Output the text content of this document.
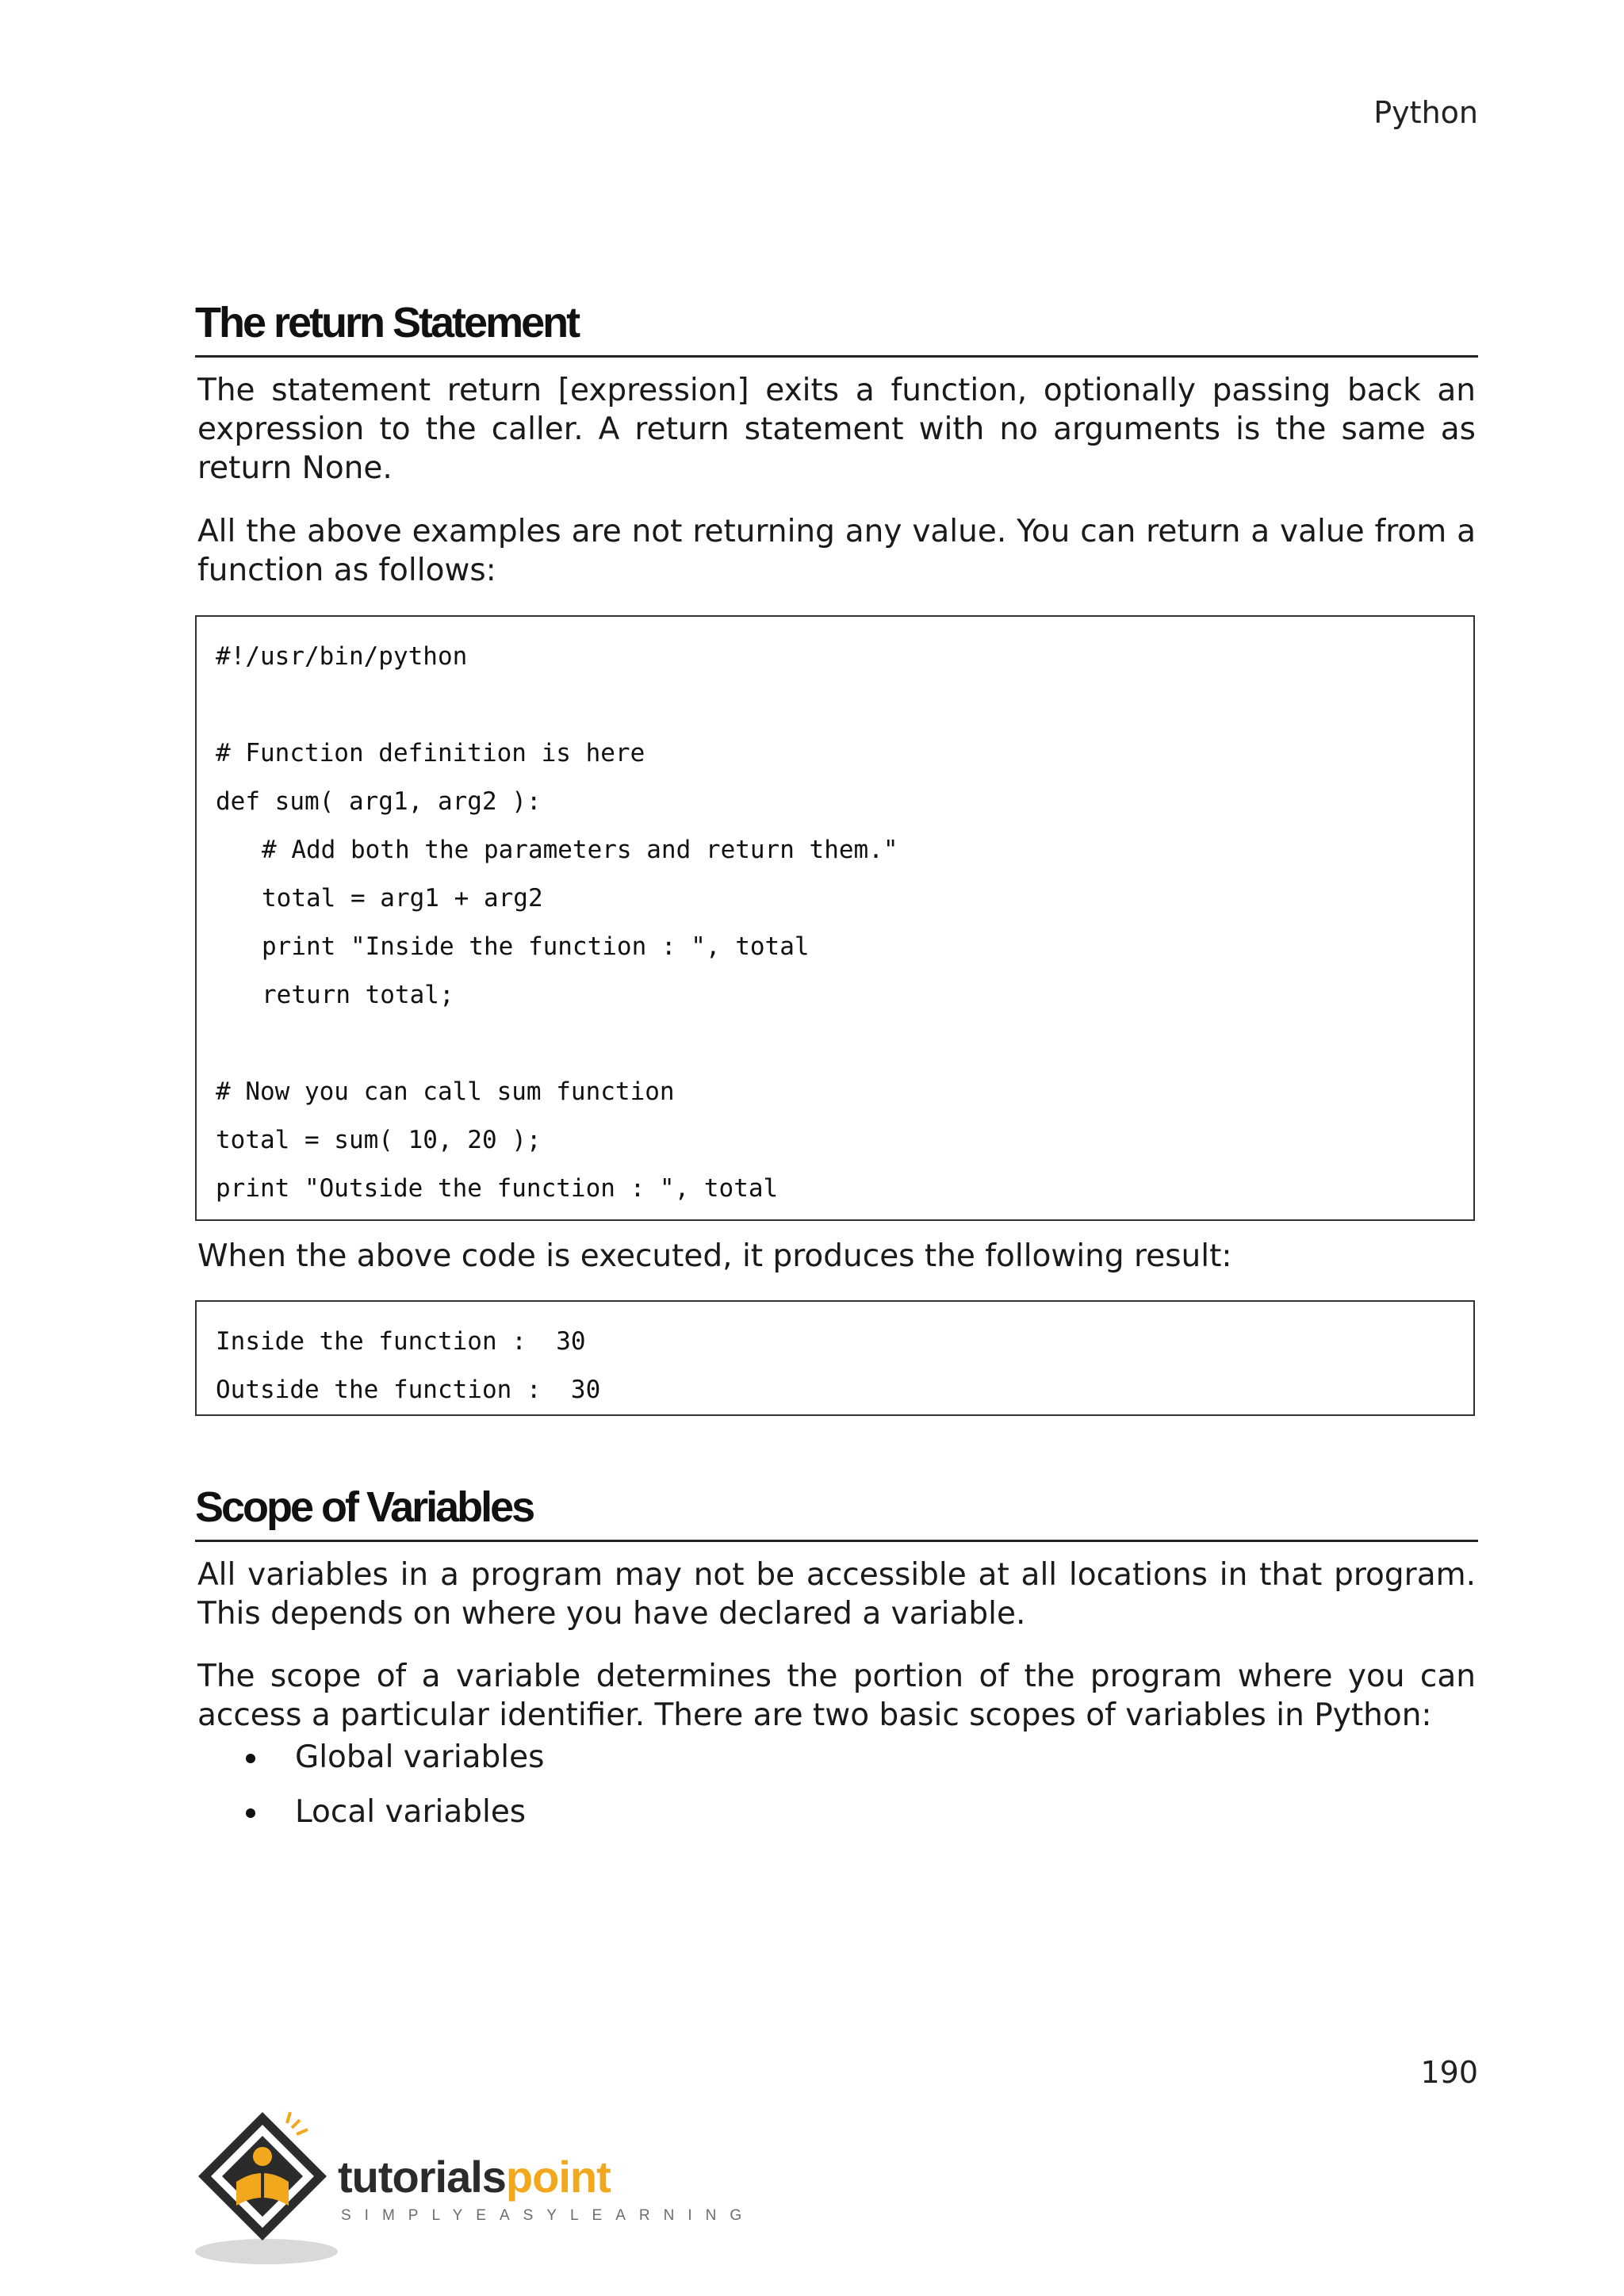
Python
The return Statement

The statement return [expression] exits a function, optionally passing back an expression to the caller. A return statement with no arguments is the same as return None.

All the above examples are not returning any value. You can return a value from a function as follows:

#!/usr/bin/python
# Function definition is here
def sum( arg1, arg2 ):
# Add both the parameters and return them."
total = arg1 + arg2
print "Inside the function : ", total
return total;
# Now you can call sum function
total = sum( 10, 20 );
print "Outside the function : ", total

When the above code is executed, it produces the following result:

Inside the function :  30
Outside the function :  30
Scope of Variables

All variables in a program may not be accessible at all locations in that program. This depends on where you have declared a variable.

The scope of a variable determines the portion of the program where you can access a particular identifier. There are two basic scopes of variables in Python:

Global variables
Local variables
190
tutorialspoint
SIMPLYEASYLEARNING
